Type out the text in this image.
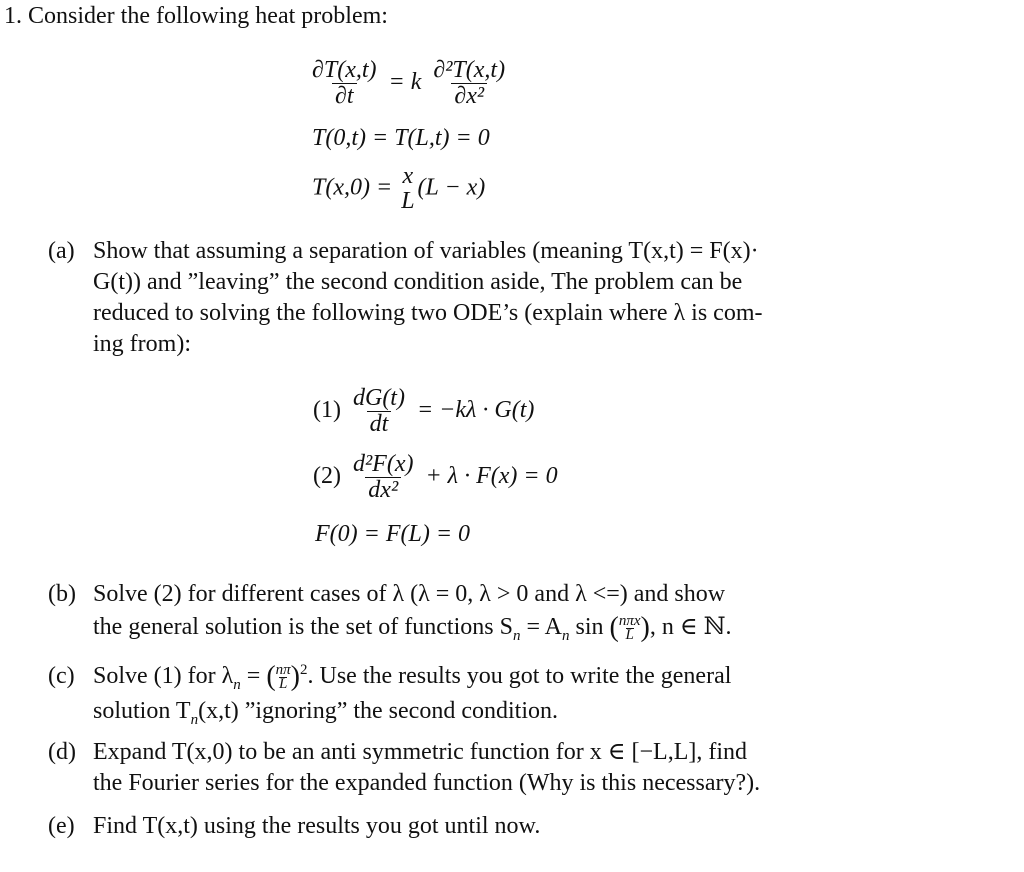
1. Consider the following heat problem:
$\frac{\partial T(x,t)}{\partial t} = k \frac{\text{∂²T(x,t)}}{\text{∂x²}}$
T(0,t) = T(L,t) = 0
T(x,0) = x
L
(L − x)
(a) Show that assuming a separation of variables (meaning T(x,t) = F(x)·
G(t)) and ”leaving” the second condition aside, The problem can be
reduced to solving the following two ODE’s (explain where λ is com-
ing from):
$(1) \frac{dG(t)}{dt} = -k\lambda \cdot G(t)$
$(2) \frac{\text{d²F(x)}}{\text{dx²}} + \lambda \cdot F(x) = 0$
F(0) = F(L) = 0
(b) Solve (2) for different cases of λ (λ = 0, λ > 0 and λ <=) and show
the general solution is the set of functions $S_n = A_n$ sin ( nπx
L ), n ∈ ℕ.
(c) Solve (1) for $\lambda_n$ = ( $\frac{n\pi}{L} )^2$. Use the results you got to write the general
solution $T_n(x,t)$ ”ignoring” the second condition.
(d) Expand T(x,0) to be an anti symmetric function for x ∈ [−L,L], find
the Fourier series for the expanded function (Why is this necessary?).
(e) Find T(x,t) using the results you got until now.
